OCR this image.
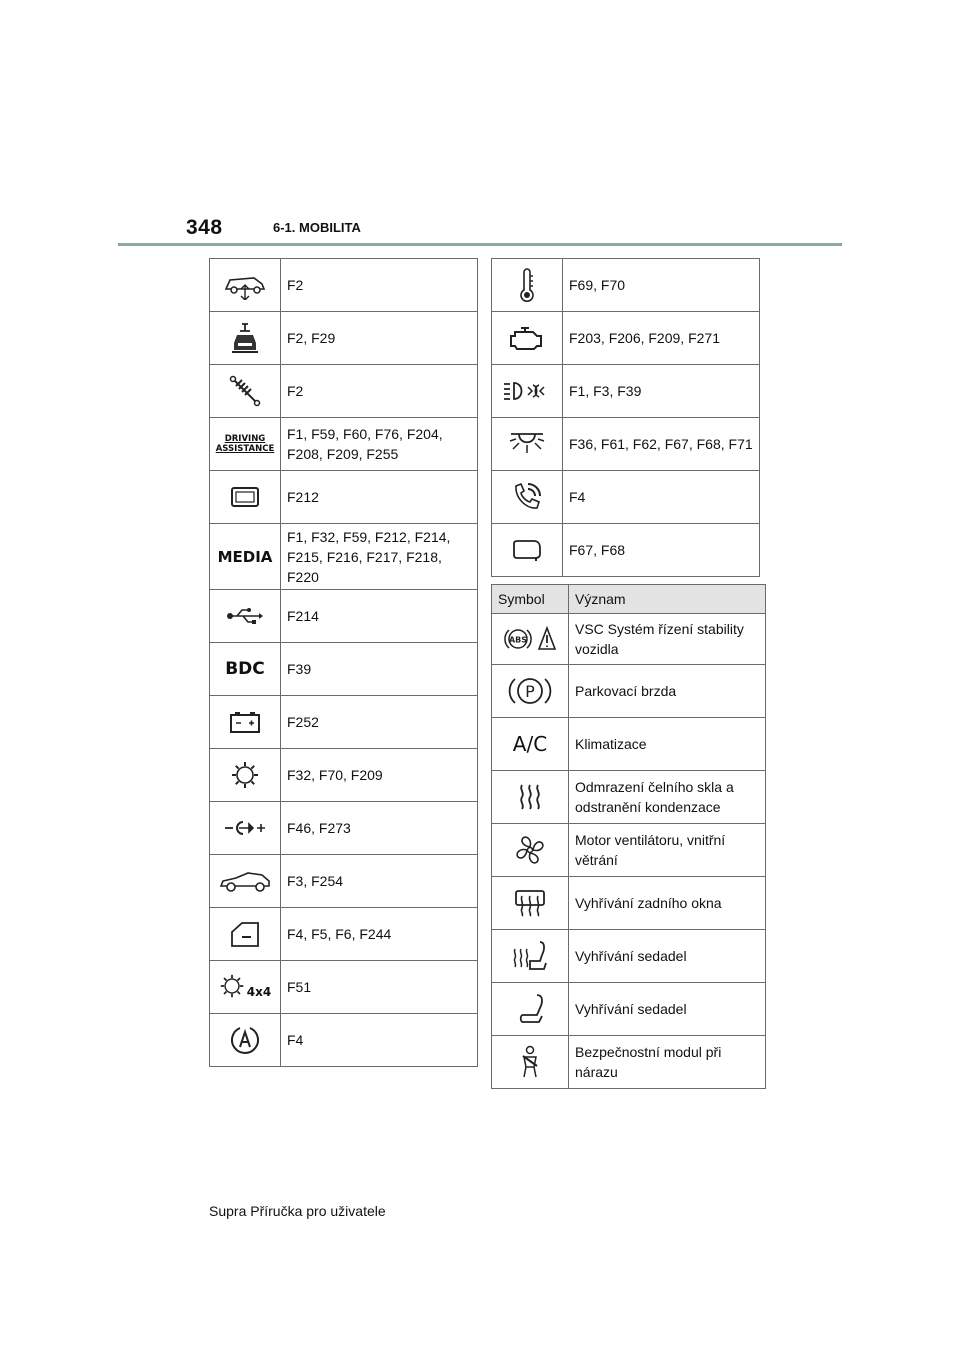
348	6-1. MOBILITA
	F2

	F2, F29

	F2

DRIVING ASSISTANCE	F1, F59, F60, F76, F204, F208, F209, F255

	F212

MEDIA	F1, F32, F59, F212, F214, F215, F216, F217, F218, F220

	F214

BDC	F39

	F252

	F32, F70, F209

	F46, F273

	F3, F254

	F4, F5, F6, F244

4x4	F51

	F4
	F69, F70

	F203, F206, F209, F271

	F1, F3, F39

	F36, F61, F62, F67, F68, F71

	F4

	F67, F68
Symbol	Význam

ABS	VSC Systém řízení stability vozidla

P	Parkovací brzda

A/C	Klimatizace

	Odmrazení čelního skla a odstranění kondenzace

	Motor ventilátoru, vnitřní větrání

	Vyhřívání zadního okna

	Vyhřívání sedadel

	Vyhřívání sedadel

	Bezpečnostní modul při nárazu
Supra Příručka pro uživatele
